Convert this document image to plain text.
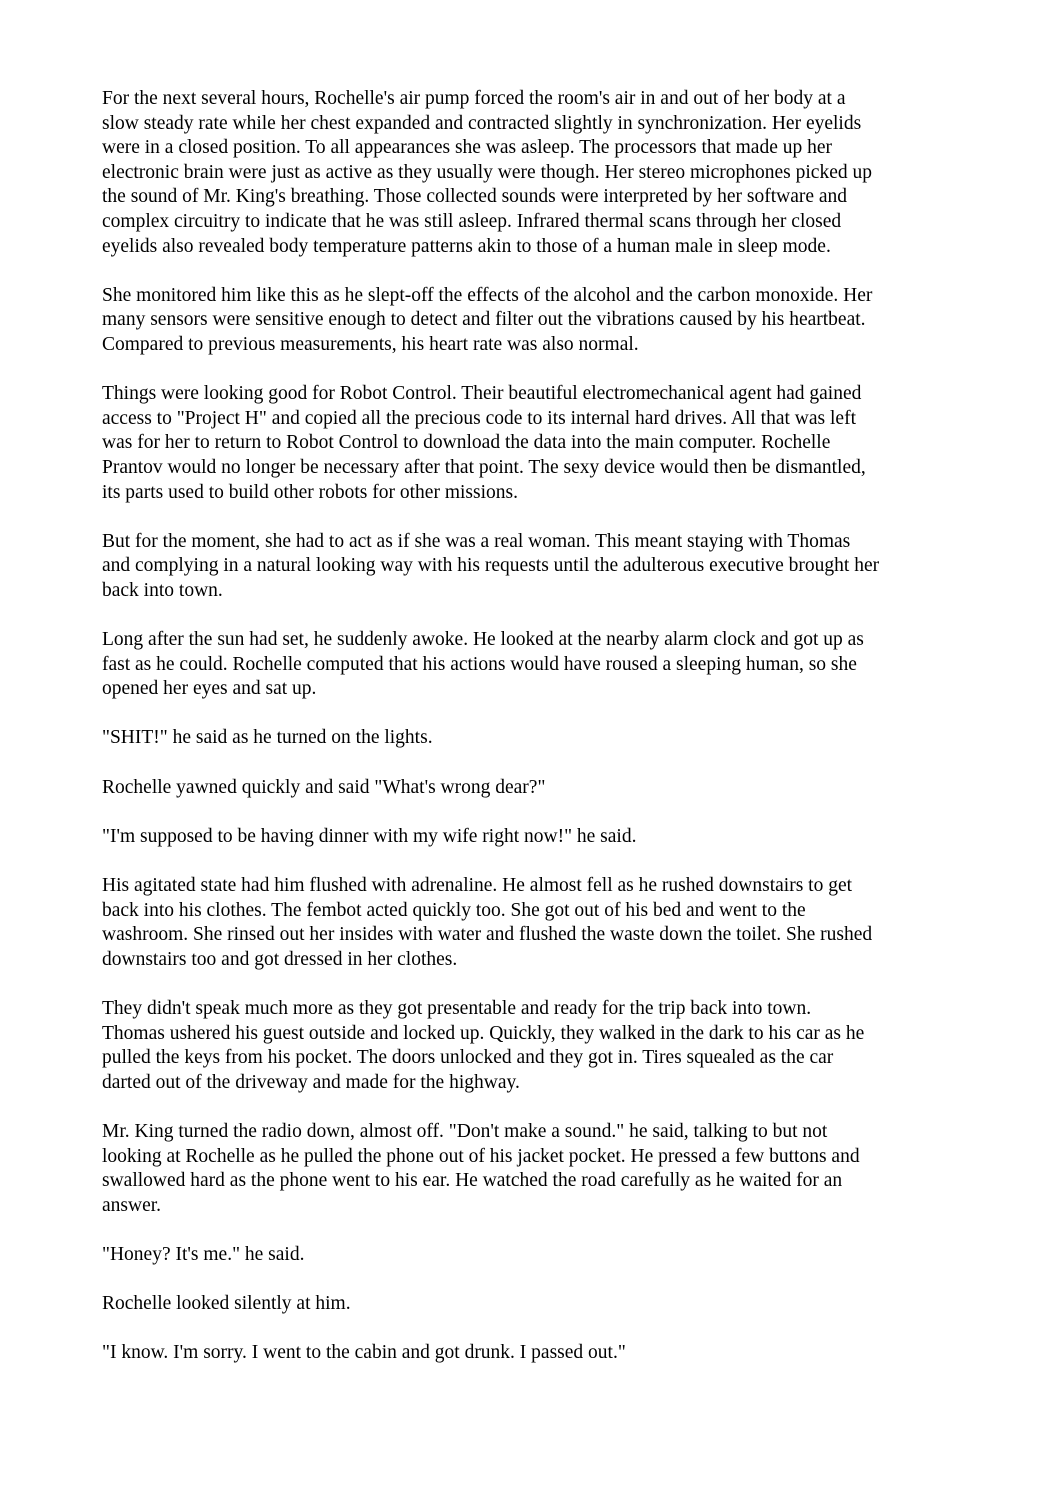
For the next several hours, Rochelle's air pump forced the room's air in and out of her body at a
slow steady rate while her chest expanded and contracted slightly in synchronization. Her eyelids
were in a closed position. To all appearances she was asleep. The processors that made up her
electronic brain were just as active as they usually were though. Her stereo microphones picked up
the sound of Mr. King's breathing. Those collected sounds were interpreted by her software and
complex circuitry to indicate that he was still asleep. Infrared thermal scans through her closed
eyelids also revealed body temperature patterns akin to those of a human male in sleep mode.

She monitored him like this as he slept-off the effects of the alcohol and the carbon monoxide. Her
many sensors were sensitive enough to detect and filter out the vibrations caused by his heartbeat.
Compared to previous measurements, his heart rate was also normal.

Things were looking good for Robot Control. Their beautiful electromechanical agent had gained
access to "Project H" and copied all the precious code to its internal hard drives. All that was left
was for her to return to Robot Control to download the data into the main computer. Rochelle
Prantov would no longer be necessary after that point. The sexy device would then be dismantled,
its parts used to build other robots for other missions.

But for the moment, she had to act as if she was a real woman. This meant staying with Thomas
and complying in a natural looking way with his requests until the adulterous executive brought her
back into town.

Long after the sun had set, he suddenly awoke. He looked at the nearby alarm clock and got up as
fast as he could. Rochelle computed that his actions would have roused a sleeping human, so she
opened her eyes and sat up.

"SHIT!" he said as he turned on the lights.

Rochelle yawned quickly and said "What's wrong dear?"

"I'm supposed to be having dinner with my wife right now!" he said.

His agitated state had him flushed with adrenaline. He almost fell as he rushed downstairs to get
back into his clothes. The fembot acted quickly too. She got out of his bed and went to the
washroom. She rinsed out her insides with water and flushed the waste down the toilet. She rushed
downstairs too and got dressed in her clothes.

They didn't speak much more as they got presentable and ready for the trip back into town.
Thomas ushered his guest outside and locked up. Quickly, they walked in the dark to his car as he
pulled the keys from his pocket. The doors unlocked and they got in. Tires squealed as the car
darted out of the driveway and made for the highway.

Mr. King turned the radio down, almost off. "Don't make a sound." he said, talking to but not
looking at Rochelle as he pulled the phone out of his jacket pocket. He pressed a few buttons and
swallowed hard as the phone went to his ear. He watched the road carefully as he waited for an
answer.

"Honey? It's me." he said.

Rochelle looked silently at him.

"I know. I'm sorry. I went to the cabin and got drunk. I passed out."
